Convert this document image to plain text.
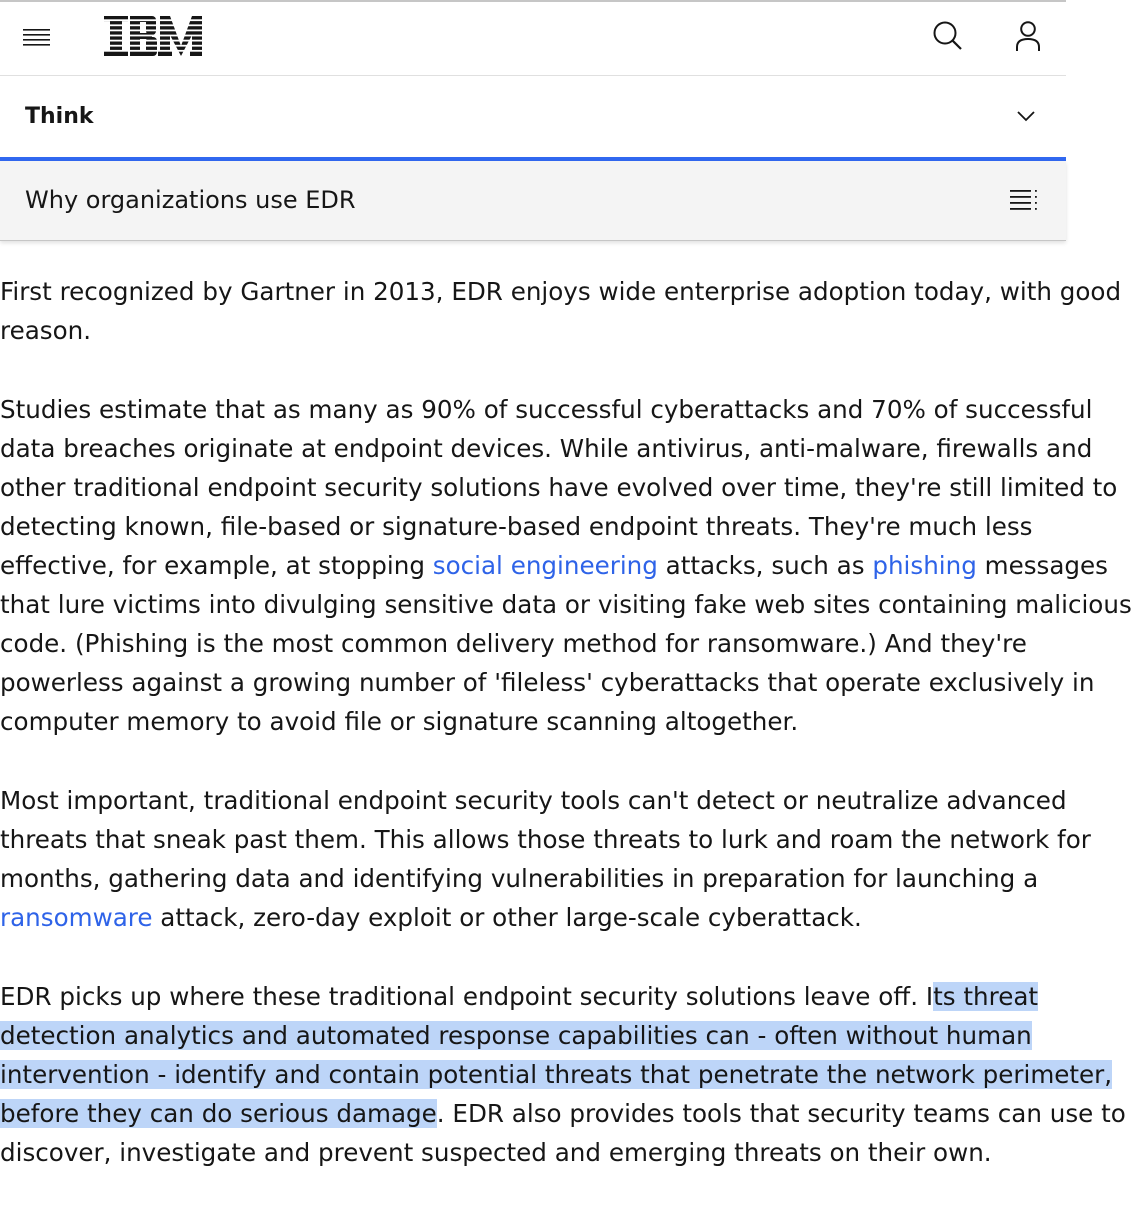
Think
Why organizations use EDR

First recognized by Gartner in 2013, EDR enjoys wide enterprise adoption today, with good
reason.

Studies estimate that as many as 90% of successful cyberattacks and 70% of successful
data breaches originate at endpoint devices. While antivirus, anti-malware, firewalls and
other traditional endpoint security solutions have evolved over time, they're still limited to
detecting known, file-based or signature-based endpoint threats. They're much less
effective, for example, at stopping social engineering attacks, such as phishing messages
that lure victims into divulging sensitive data or visiting fake web sites containing malicious
code. (Phishing is the most common delivery method for ransomware.) And they're
powerless against a growing number of 'fileless' cyberattacks that operate exclusively in
computer memory to avoid file or signature scanning altogether.

Most important, traditional endpoint security tools can't detect or neutralize advanced
threats that sneak past them. This allows those threats to lurk and roam the network for
months, gathering data and identifying vulnerabilities in preparation for launching a
ransomware attack, zero-day exploit or other large-scale cyberattack.

EDR picks up where these traditional endpoint security solutions leave off. Its threat
detection analytics and automated response capabilities can - often without human
intervention - identify and contain potential threats that penetrate the network perimeter,
before they can do serious damage. EDR also provides tools that security teams can use to
discover, investigate and prevent suspected and emerging threats on their own.
